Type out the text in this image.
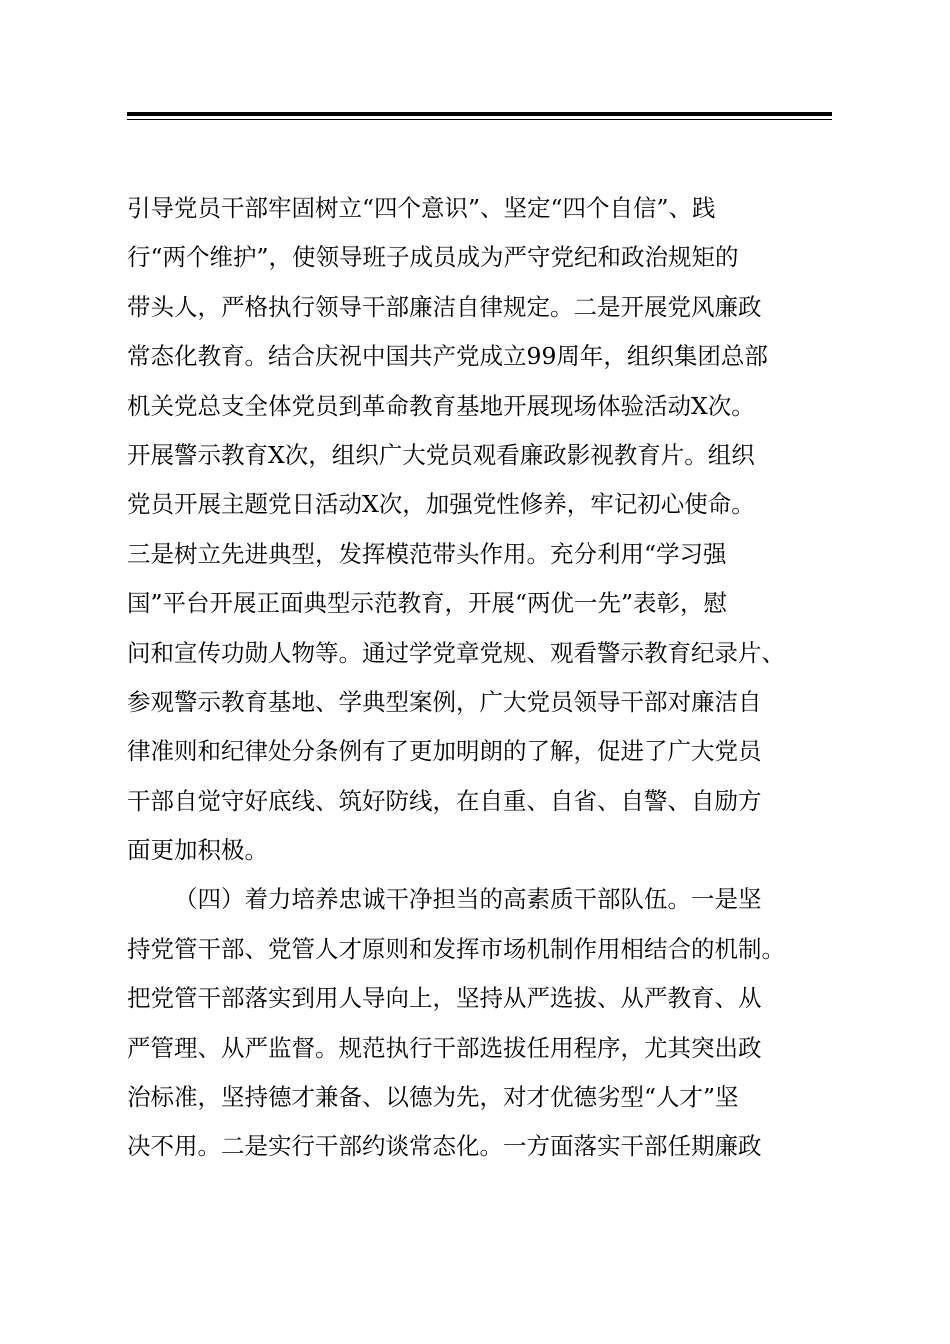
引导党员干部牢固树立“四个意识”、坚定“四个自信”、践
行“两个维护”，使领导班子成员成为严守党纪和政治规矩的
带头人，严格执行领导干部廉洁自律规定。二是开展党风廉政
常态化教育。结合庆祝中国共产党成立99周年，组织集团总部
机关党总支全体党员到革命教育基地开展现场体验活动X次。
开展警示教育X次，组织广大党员观看廉政影视教育片。组织
党员开展主题党日活动X次，加强党性修养，牢记初心使命。
三是树立先进典型，发挥模范带头作用。充分利用“学习强
国”平台开展正面典型示范教育，开展“两优一先”表彰，慰
问和宣传功勋人物等。通过学党章党规、观看警示教育纪录片、
参观警示教育基地、学典型案例，广大党员领导干部对廉洁自
律准则和纪律处分条例有了更加明朗的了解，促进了广大党员
干部自觉守好底线、筑好防线，在自重、自省、自警、自励方
面更加积极。
（四）着力培养忠诚干净担当的高素质干部队伍。一是坚
持党管干部、党管人才原则和发挥市场机制作用相结合的机制。
把党管干部落实到用人导向上，坚持从严选拔、从严教育、从
严管理、从严监督。规范执行干部选拔任用程序，尤其突出政
治标准，坚持德才兼备、以德为先，对才优德劣型“人才”坚
决不用。二是实行干部约谈常态化。一方面落实干部任期廉政
